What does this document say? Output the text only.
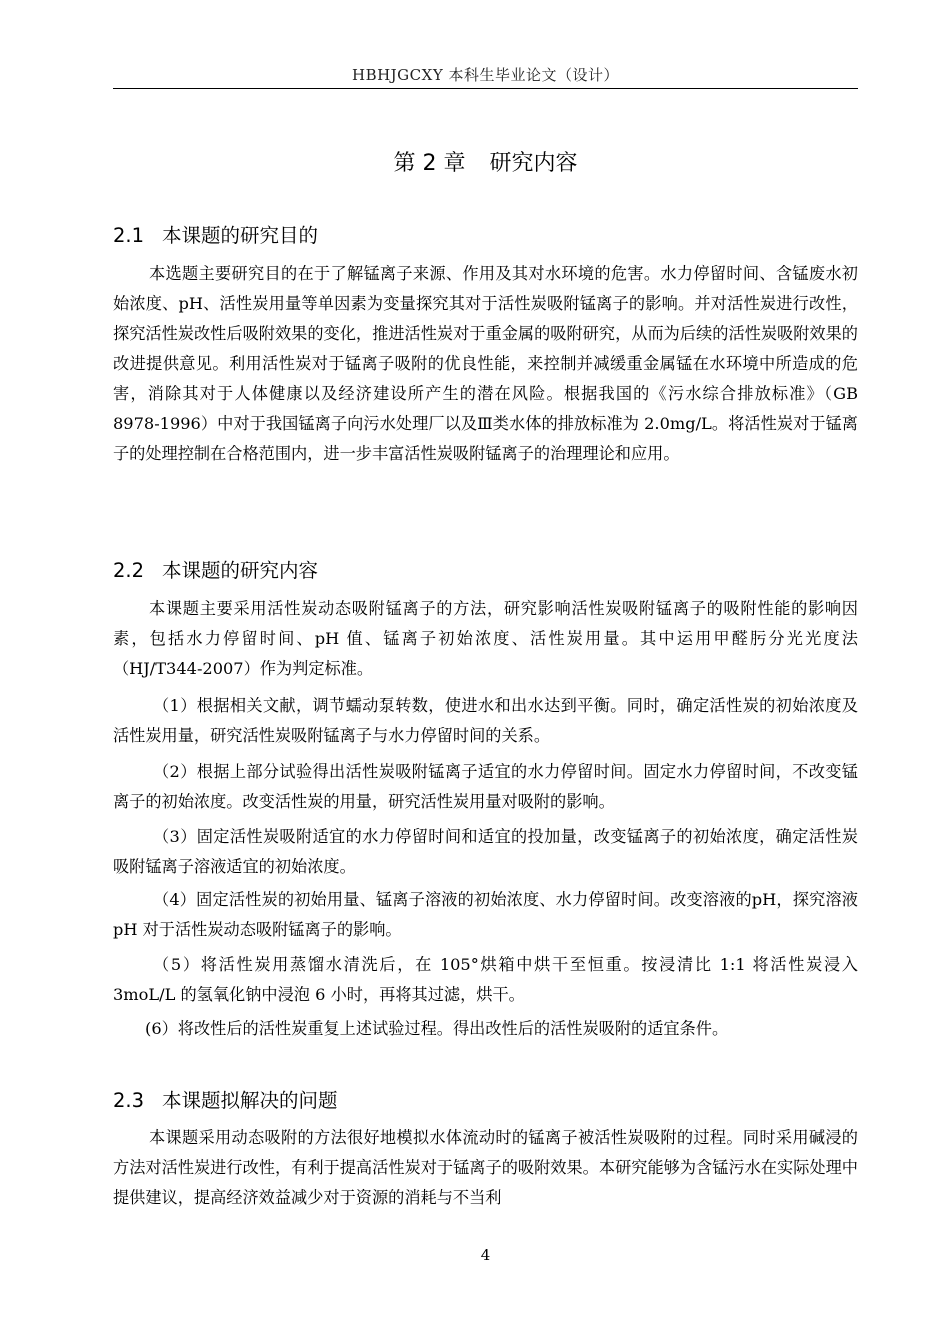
HBHJGCXY 本科生毕业论文（设计）
第 2 章 研究内容
2.1 本课题的研究目的

本选题主要研究目的在于了解锰离子来源、作用及其对水环境的危害。水力停留时间、含锰废水初始浓度、pH、活性炭用量等单因素为变量探究其对于活性炭吸附锰离子的影响。并对活性炭进行改性，探究活性炭改性后吸附效果的变化，推进活性炭对于重金属的吸附研究，从而为后续的活性炭吸附效果的改进提供意见。利用活性炭对于锰离子吸附的优良性能，来控制并减缓重金属锰在水环境中所造成的危害，消除其对于人体健康以及经济建设所产生的潜在风险。根据我国的《污水综合排放标准》（GB 8978-1996）中对于我国锰离子向污水处理厂以及Ⅲ类水体的排放标准为 2.0mg/L。将活性炭对于锰离子的处理控制在合格范围内，进一步丰富活性炭吸附锰离子的治理理论和应用。

2.2 本课题的研究内容

本课题主要采用活性炭动态吸附锰离子的方法，研究影响活性炭吸附锰离子的吸附性能的影响因素，包括水力停留时间、pH 值、锰离子初始浓度、活性炭用量。其中运用甲醛肟分光光度法（HJ/T344-2007）作为判定标准。

（1）根据相关文献，调节蠕动泵转数，使进水和出水达到平衡。同时，确定活性炭的初始浓度及活性炭用量，研究活性炭吸附锰离子与水力停留时间的关系。

（2）根据上部分试验得出活性炭吸附锰离子适宜的水力停留时间。固定水力停留时间，不改变锰离子的初始浓度。改变活性炭的用量，研究活性炭用量对吸附的影响。

（3）固定活性炭吸附适宜的水力停留时间和适宜的投加量，改变锰离子的初始浓度，确定活性炭吸附锰离子溶液适宜的初始浓度。

（4）固定活性炭的初始用量、锰离子溶液的初始浓度、水力停留时间。改变溶液的pH，探究溶液 pH 对于活性炭动态吸附锰离子的影响。

（5）将活性炭用蒸馏水清洗后，在 105°烘箱中烘干至恒重。按浸清比 1:1 将活性炭浸入 3moL/L 的氢氧化钠中浸泡 6 小时，再将其过滤，烘干。

(6）将改性后的活性炭重复上述试验过程。得出改性后的活性炭吸附的适宜条件。

2.3 本课题拟解决的问题

本课题采用动态吸附的方法很好地模拟水体流动时的锰离子被活性炭吸附的过程。同时采用碱浸的方法对活性炭进行改性，有利于提高活性炭对于锰离子的吸附效果。本研究能够为含锰污水在实际处理中提供建议，提高经济效益减少对于资源的消耗与不当利

4
